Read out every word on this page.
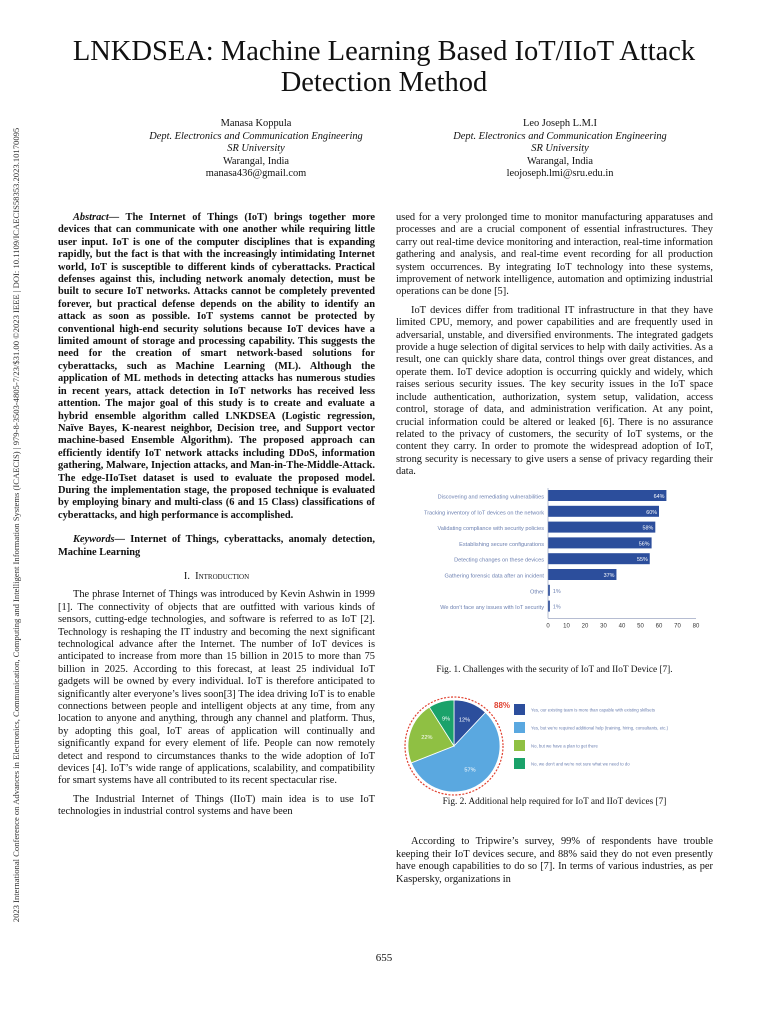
2023 International Conference on Advances in Electronics, Communication, Computing and Intelligent Information Systems (ICAECIS) | 979-8-3503-4805-7/23/$31.00 ©2023 IEEE | DOI: 10.1109/ICAECIS58353.2023.10170095
LNKDSEA: Machine Learning Based IoT/IIoT Attack Detection Method
Manasa Koppula
Dept. Electronics and Communication Engineering
SR University
Warangal, India
manasa436@gmail.com
Leo Joseph L.M.I
Dept. Electronics and Communication Engineering
SR University
Warangal, India
leojoseph.lmi@sru.edu.in

Abstract— The Internet of Things (IoT) brings together more devices that can communicate with one another while requiring little user input. IoT is one of the computer disciplines that is expanding rapidly, but the fact is that with the increasingly intimidating Internet world, IoT is susceptible to different kinds of cyberattacks. Practical defenses against this, including network anomaly detection, must be built to secure IoT networks. Attacks cannot be completely prevented forever, but practical defense depends on the ability to identify an attack as soon as possible. IoT systems cannot be protected by conventional high-end security solutions because IoT devices have a limited amount of storage and processing capability. This suggests the need for the creation of smart network-based solutions for cyberattacks, such as Machine Learning (ML). Although the application of ML methods in detecting attacks has numerous studies in recent years, attack detection in IoT networks has received less attention. The major goal of this study is to create and evaluate a hybrid ensemble algorithm called LNKDSEA (Logistic regression, Naïve Bayes, K-nearest neighbor, Decision tree, and Support vector machine-based Ensemble Algorithm). The proposed approach can efficiently identify IoT network attacks including DDoS, information gathering, Malware, Injection attacks, and Man-in-The-Middle-Attack. The edge-IIoTset dataset is used to evaluate the proposed model. During the implementation stage, the proposed technique is evaluated by employing binary and multi-class (6 and 15 Class) classifications of cyberattacks, and high performance is accomplished.

Keywords— Internet of Things, cyberattacks, anomaly detection, Machine Learning

I. Introduction

The phrase Internet of Things was introduced by Kevin Ashwin in 1999 [1]. The connectivity of objects that are outfitted with various kinds of sensors, cutting-edge technologies, and software is referred to as IoT [2]. Technology is reshaping the IT industry and becoming the next significant technological advance after the Internet. The number of IoT devices is anticipated to increase from more than 15 billion in 2015 to more than 75 billion in 2025. According to this forecast, at least 25 individual IoT gadgets will be owned by every individual. IoT is therefore anticipated to significantly alter everyone’s lives soon[3] The idea driving IoT is to enable connections between people and intelligent objects at any time, from any location to anyone and anything, through any channel and platform. Thus, by adopting this goal, IoT areas of application will continually and significantly expand for every element of life. People can now remotely detect and respond to circumstances thanks to the wide adoption of IoT devices [4]. IoT’s wide range of applications, scalability, and compatibility for smart systems have all contributed to its recent spectacular rise.

The Industrial Internet of Things (IIoT) main idea is to use IoT technologies in industrial control systems and have been

used for a very prolonged time to monitor manufacturing apparatuses and processes and are a crucial component of essential infrastructures. They carry out real-time device monitoring and interaction, real-time information gathering and analysis, and real-time event recording for all production system occurrences. By integrating IoT technology into these systems, improvement of network intelligence, automation and optimizing industrial operations can be done [5].

IoT devices differ from traditional IT infrastructure in that they have limited CPU, memory, and power capabilities and are frequently used in adversarial, unstable, and diversified environments. The integrated gadgets provide a huge selection of digital services to help with daily activities. As a result, one can quickly share data, control things over great distances, and operate them. IoT device adoption is occurring quickly and widely, which raises serious security issues. The key security issues in the IoT space include authentication, authorization, system setup, validation, access control, storage of data, and administration verification. At any point, crucial information could be altered or leaked [6]. There is no assurance related to the privacy of customers, the security of IoT systems, or the content they carry. In order to promote the widespread adoption of IoT, strong security is necessary to give users a sense of privacy regarding their data.

Discovering and remediating vulnerabilities	64%
Tracking inventory of IoT devices on the network	60%
Validating compliance with security policies	58%
Establishing secure configurations	56%
Detecting changes on these devices	55%
Gathering forensic data after an incident	37%
Other 1%
We don't face any issues with IoT security 1%
0 10 20 30 40 50 60 70 80

Fig. 1. Challenges with the security of IoT and IIoT Device [7].

12%
57%
22%
9%
88%	Yes, our existing team is more than capable with existing skillsets
Yes, but we're required additional help (training, hiring, consultants, etc.)
No, but we have a plan to get there
No, we don't and we're not sure what we need to do

Fig. 2. Additional help required for IoT and IIoT devices [7]

According to Tripwire’s survey, 99% of respondents have trouble keeping their IoT devices secure, and 88% said they do not even presently have enough capabilities to do so [7]. In terms of various industries, as per Kaspersky, organizations in

655
